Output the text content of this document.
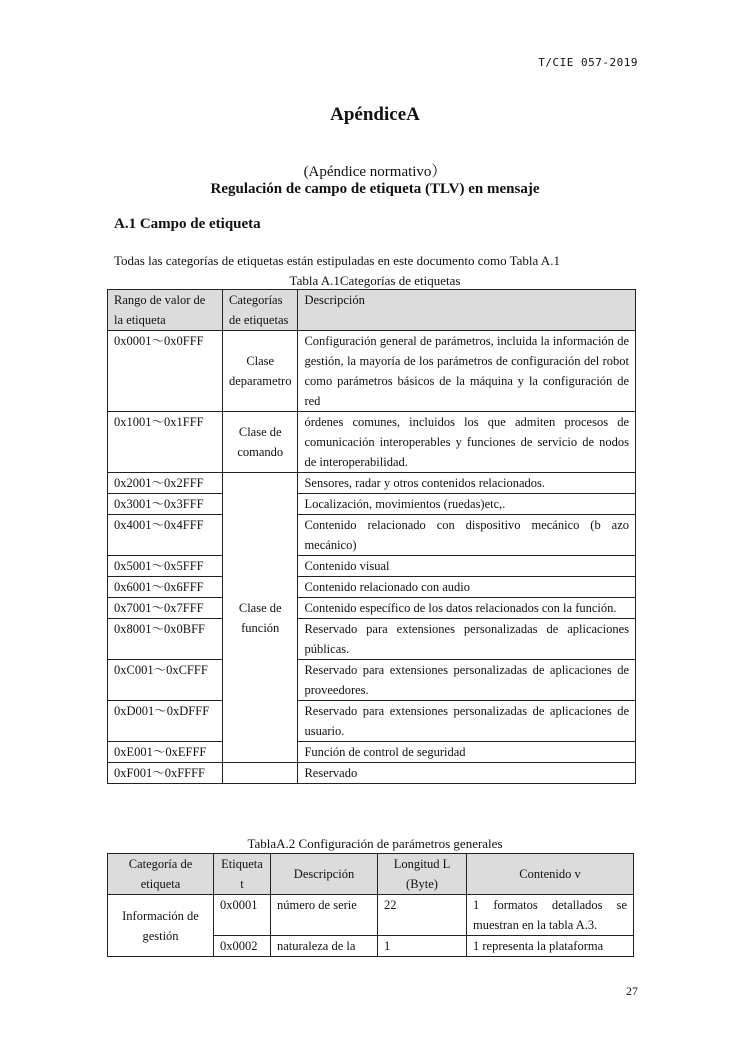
T/CIE 057-2019
ApéndiceA
(Apéndice normativo）
Regulación de campo de etiqueta (TLV) en mensaje
A.1 Campo de etiqueta
Todas las categorías de etiquetas están estipuladas en este documento como Tabla A.1
Tabla A.1Categorías de etiquetas
Rango de valor de la etiqueta	Categorías de etiquetas	Descripción
0x0001～0x0FFF	Clase deparametro	Configuración general de parámetros, incluida la información de gestión, la mayoría de los parámetros de configuración del robot como parámetros básicos de la máquina y la configuración de red
0x1001～0x1FFF	Clase de comando	órdenes comunes, incluidos los que admiten procesos de comunicación interoperables y funciones de servicio de nodos de interoperabilidad.
0x2001～0x2FFF	Clase de función	Sensores, radar y otros contenidos relacionados.
0x3001～0x3FFF		Localización, movimientos (ruedas)etc,.
0x4001～0x4FFF		Contenido relacionado con dispositivo mecánico (b azo mecánico)
0x5001～0x5FFF		Contenido visual
0x6001～0x6FFF		Contenido relacionado con audio
0x7001～0x7FFF		Contenido específico de los datos relacionados con la función.
0x8001～0x0BFF		Reservado para extensiones personalizadas de aplicaciones públicas.
0xC001～0xCFFF		Reservado para extensiones personalizadas de aplicaciones de proveedores.
0xD001～0xDFFF		Reservado para extensiones personalizadas de aplicaciones de usuario.
0xE001～0xEFFF		Función de control de seguridad
0xF001～0xFFFF		Reservado
TablaA.2 Configuración de parámetros generales
Categoría de etiqueta	Etiqueta t	Descripción	Longitud L (Byte)	Contenido v
Información de gestión	0x0001	número de serie	22	1 formatos detallados se muestran en la tabla A.3.
	0x0002	naturaleza de la	1	1 representa la plataforma
27
